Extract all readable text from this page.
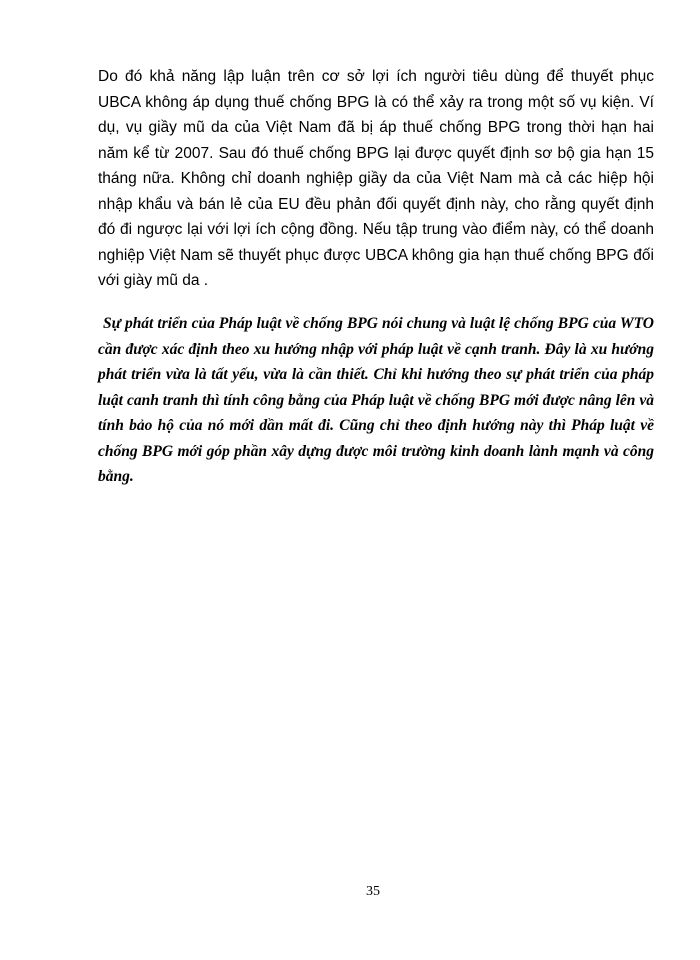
Do đó khả năng lập luận trên cơ sở lợi ích người tiêu dùng để thuyết phục UBCA không áp dụng thuế chống BPG là có thể xảy ra trong một số vụ kiện. Ví dụ, vụ giầy mũ da của Việt Nam đã bị áp thuế chống BPG trong thời hạn hai năm kể từ 2007. Sau đó thuế chống BPG lại được quyết định sơ bộ gia hạn 15 tháng nữa. Không chỉ doanh nghiệp giầy da của Việt Nam mà cả các hiệp hội nhập khẩu và bán lẻ của EU đều phản đối quyết định này, cho rằng quyết định đó đi ngược lại với lợi ích cộng đồng. Nếu tập trung vào điểm này, có thể doanh nghiệp Việt Nam sẽ thuyết phục được UBCA không gia hạn thuế chống BPG đối với giày mũ da .

Sự phát triển của Pháp luật về chống BPG nói chung và luật lệ chống BPG của WTO cần được xác định theo xu hướng nhập với pháp luật về cạnh tranh. Đây là xu hướng phát triển vừa là tất yếu, vừa là cần thiết. Chỉ khi hướng theo sự phát triển của pháp luật canh tranh thì tính công bằng của Pháp luật về chống BPG mới được nâng lên và tính bảo hộ của nó mới dần mất đi. Cũng chỉ theo định hướng này thì Pháp luật về chống BPG mới góp phần xây dựng được môi trường kinh doanh lành mạnh và công bằng.

35
